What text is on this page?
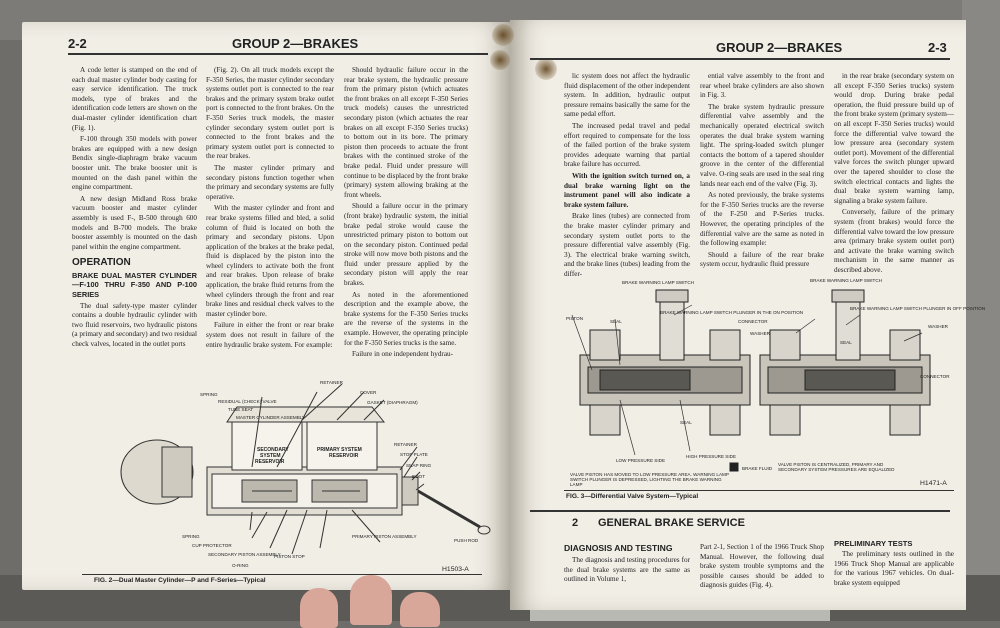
2-2	GROUP 2—BRAKES

A code letter is stamped on the end of each dual master cylinder body casting for easy service identification. The truck models, type of brakes and the identification code letters are shown on the dual-master cylinder identification chart (Fig. 1).

F-100 through 350 models with power brakes are equipped with a new design Bendix single-diaphragm brake vacuum booster unit. The brake booster unit is mounted on the dash panel within the engine compartment.

A new design Midland Ross brake vacuum booster and master cylinder assembly is used F-, B-500 through 600 models and B-700 models. The brake booster assembly is mounted on the dash panel within the engine compartment.

OPERATION
BRAKE DUAL MASTER CYLINDER—F-100 THRU F-350 AND P-100 SERIES

The dual safety-type master cylinder contains a double hydraulic cylinder with two fluid reservoirs, two hydraulic pistons (a primary and secondary) and two residual check valves, located in the outlet ports

(Fig. 2). On all truck models except the F-350 Series, the master cylinder secondary systems outlet port is connected to the rear brakes and the primary system brake outlet port is connected to the front brakes. On the F-350 Series truck models, the master cylinder secondary system outlet port is connected to the front brakes and the primary system outlet port is connected to the rear brakes.

The master cylinder primary and secondary pistons function together when the primary and secondary systems are fully operative.

With the master cylinder and front and rear brake systems filled and bled, a solid column of fluid is located on both the primary and secondary pistons. Upon application of the brakes at the brake pedal, fluid is displaced by the piston into the wheel cylinders to activate both the front and rear brakes. Upon release of brake application, the brake fluid returns from the wheel cylinders through the front and rear brake lines and residual check valves to the master cylinder bore.

Failure in either the front or rear brake system does not result in failure of the entire hydraulic brake system. For example:

Should hydraulic failure occur in the rear brake system, the hydraulic pressure from the primary piston (which actuates the front brakes on all except F-350 Series truck models) causes the unrestricted secondary piston (which actuates the rear brakes on all except F-350 Series trucks) to bottom out in its bore. The primary piston then proceeds to actuate the front brakes with the continued stroke of the brake pedal. Fluid under pressure will continue to be displaced by the front brake (primary) system allowing braking at the front wheels.

Should a failure occur in the primary (front brake) hydraulic system, the initial brake pedal stroke would cause the unrestricted primary piston to bottom out on the secondary piston. Continued pedal stroke will now move both pistons and the fluid under pressure applied by the secondary piston will apply the rear brakes.

As noted in the aforementioned description and the example above, the brake systems for the F-350 Series trucks are the reverse of the systems in the example. However, the operating principle for the F-350 Series trucks is the same.

Failure in one independent hydrau-

SECONDARY
SYSTEM
RESERVOIR
PRIMARY SYSTEM
RESERVOIR
SPRING
RESIDUAL (CHECK) VALVE
TUBE SEAT
MASTER CYLINDER ASSEMBLY
RETAINER
COVER
GASKET (DIAPHRAGM)
RETAINER
STOP PLATE
SNAP RING
BOOT
SPRING
CUP PROTECTOR
SECONDARY PISTON ASSEMBLY
O-RING
PISTON STOP
PRIMARY PISTON ASSEMBLY
PUSH ROD
FIG. 2—Dual Master Cylinder—P and F-Series—Typical
H1503-A
GROUP 2—BRAKES	2-3

lic system does not affect the hydraulic fluid displacement of the other independent system. In addition, hydraulic output pressure remains basically the same for the same pedal effort.

The increased pedal travel and pedal effort required to compensate for the loss of the failed portion of the brake system provides adequate warning that partial brake failure has occurred.

With the ignition switch turned on, a dual brake warning light on the instrument panel will also indicate a brake system failure.

Brake lines (tubes) are connected from the brake master cylinder primary and secondary system outlet ports to the pressure differential valve assembly (Fig. 3). The electrical brake warning switch, and the brake lines (tubes) leading from the differ-

ential valve assembly to the front and rear wheel brake cylinders are also shown in Fig. 3.

The brake system hydraulic pressure differential valve assembly and the mechanically operated electrical switch operates the dual brake system warning light. The spring-loaded switch plunger contacts the bottom of a tapered shoulder groove in the center of the differential valve. O-ring seals are used in the seal ring lands near each end of the valve (Fig. 3).

As noted previously, the brake systems for the F-350 Series trucks are the reverse of the F-250 and P-Series trucks. However, the operating principles of the differential valve are the same as noted in the following example:

Should a failure of the rear brake system occur, hydraulic fluid pressure

in the rear brake (secondary system on all except F-350 Series trucks) system would drop. During brake pedal operation, the fluid pressure build up of the front brake system (primary system—on all except F-350 Series trucks) would force the differential valve toward the low pressure area (secondary system outlet port). Movement of the differential valve forces the switch plunger upward over the tapered shoulder to close the switch electrical contacts and lights the dual brake system warning lamp, signaling a brake system failure.

Conversely, failure of the primary system (front brakes) would force the differential valve toward the low pressure area (primary brake system outlet port) and activate the brake warning switch mechanism in the same manner as described above.

BRAKE WARNING LAMP SWITCH	BRAKE WARNING LAMP SWITCH
PISTON
SEAL
BRAKE WARNING LAMP SWITCH PLUNGER IN THE ON POSITION
CONNECTOR
WASHER
BRAKE WARNING LAMP SWITCH PLUNGER IN OFF POSITION
WASHER
SEAL
SEAL
CONNECTOR
LOW PRESSURE SIDE
HIGH PRESSURE SIDE
VALVE PISTON HAS MOVED TO LOW PRESSURE AREA. WARNING LAMP SWITCH PLUNGER IS DEPRESSED, LIGHTING THE BRAKE WARNING LAMP
BRAKE FLUID
VALVE PISTON IS CENTRALIZED, PRIMARY AND SECONDARY SYSTEM PRESSURES ARE EQUALIZED
FIG. 3—Differential Valve System—Typical
H1471-A
2 GENERAL BRAKE SERVICE
DIAGNOSIS AND TESTING

The diagnosis and testing procedures for the dual brake systems are the same as outlined in Volume 1,

Part 2-1, Section 1 of the 1966 Truck Shop Manual. However, the following dual brake system trouble symptoms and the possible causes should be added to diagnosis guides (Fig. 4).

PRELIMINARY TESTS

The preliminary tests outlined in the 1966 Truck Shop Manual are applicable for the various 1967 vehicles. On dual-brake system equipped
